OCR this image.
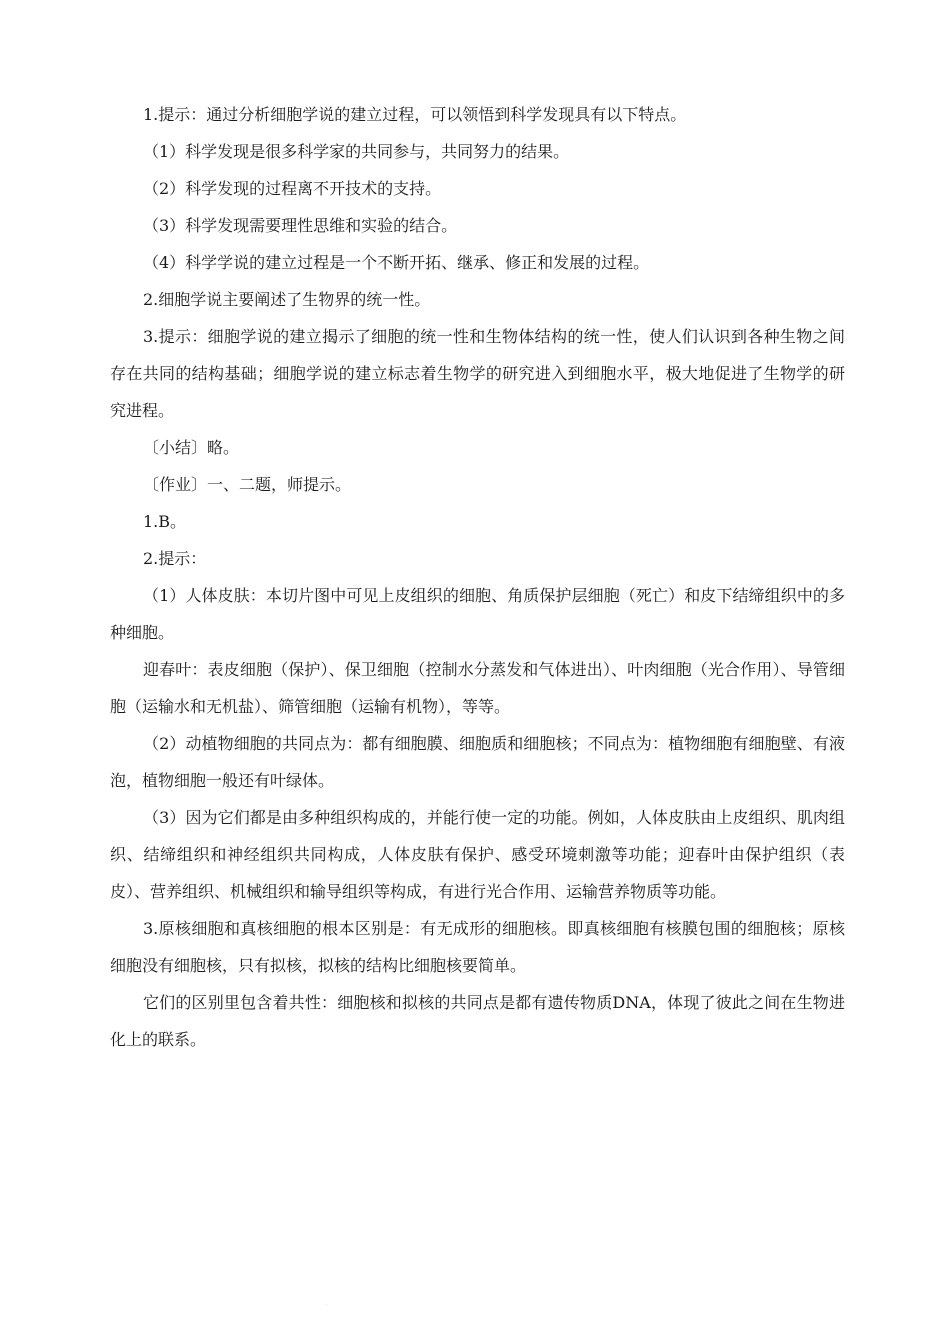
1.提示：通过分析细胞学说的建立过程，可以领悟到科学发现具有以下特点。

（1）科学发现是很多科学家的共同参与，共同努力的结果。

（2）科学发现的过程离不开技术的支持。

（3）科学发现需要理性思维和实验的结合。

（4）科学学说的建立过程是一个不断开拓、继承、修正和发展的过程。

2.细胞学说主要阐述了生物界的统一性。

3.提示：细胞学说的建立揭示了细胞的统一性和生物体结构的统一性，使人们认识到各种生物之间存在共同的结构基础；细胞学说的建立标志着生物学的研究进入到细胞水平，极大地促进了生物学的研究进程。

〔小结〕略。

〔作业〕一、二题，师提示。

1.B。

2.提示：

（1）人体皮肤：本切片图中可见上皮组织的细胞、角质保护层细胞（死亡）和皮下结缔组织中的多种细胞。

迎春叶：表皮细胞（保护）、保卫细胞（控制水分蒸发和气体进出）、叶肉细胞（光合作用）、导管细胞（运输水和无机盐）、筛管细胞（运输有机物），等等。

（2）动植物细胞的共同点为：都有细胞膜、细胞质和细胞核；不同点为：植物细胞有细胞壁、有液泡，植物细胞一般还有叶绿体。

（3）因为它们都是由多种组织构成的，并能行使一定的功能。例如，人体皮肤由上皮组织、肌肉组织、结缔组织和神经组织共同构成，人体皮肤有保护、感受环境刺激等功能；迎春叶由保护组织（表皮）、营养组织、机械组织和输导组织等构成，有进行光合作用、运输营养物质等功能。

3.原核细胞和真核细胞的根本区别是：有无成形的细胞核。即真核细胞有核膜包围的细胞核；原核细胞没有细胞核，只有拟核，拟核的结构比细胞核要简单。

它们的区别里包含着共性：细胞核和拟核的共同点是都有遗传物质DNA，体现了彼此之间在生物进化上的联系。

.
